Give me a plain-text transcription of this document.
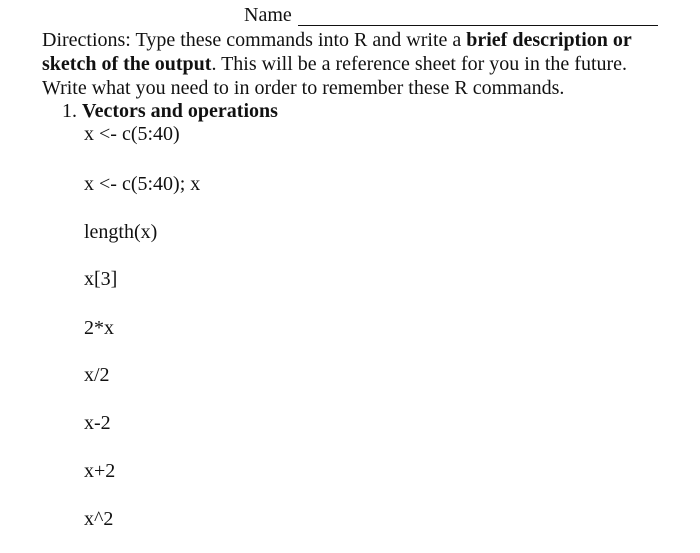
Name
Directions: Type these commands into R and write a brief description or
sketch of the output. This will be a reference sheet for you in the future.
Write what you need to in order to remember these R commands.
1. Vectors and operations
x <- c(5:40)
x <- c(5:40); x
length(x)
x[3]
2*x
x/2
x-2
x+2
x^2
